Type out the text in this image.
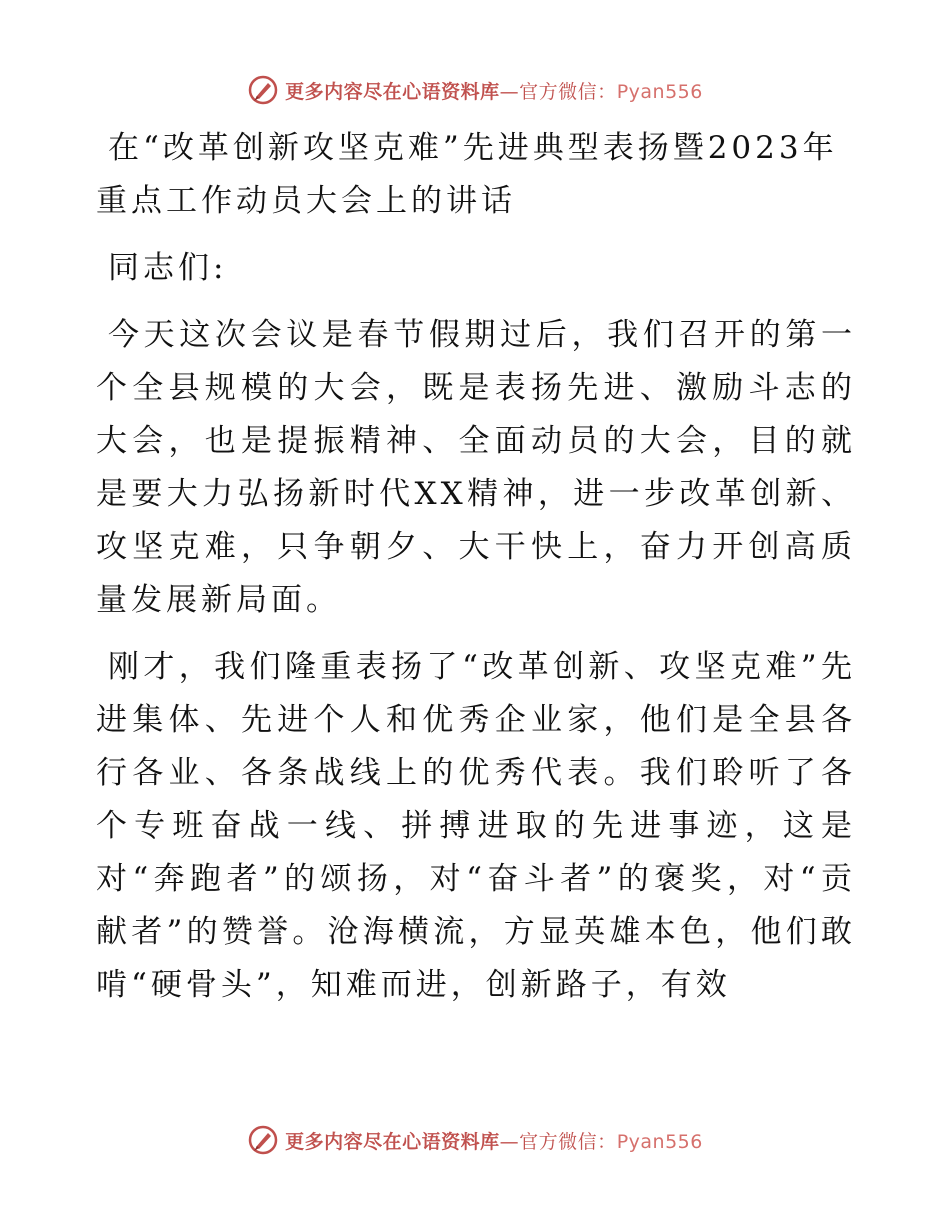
更多内容尽在心语资料库—官方微信：Pyan556
在“改革创新攻坚克难”先进典型表扬暨2023年重点工作动员大会上的讲话

同志们:

今天这次会议是春节假期过后，我们召开的第一个全县规模的大会，既是表扬先进、激励斗志的大会，也是提振精神、全面动员的大会，目的就是要大力弘扬新时代XX精神，进一步改革创新、攻坚克难，只争朝夕、大干快上，奋力开创高质量发展新局面。

刚才，我们隆重表扬了“改革创新、攻坚克难”先进集体、先进个人和优秀企业家，他们是全县各行各业、各条战线上的优秀代表。我们聆听了各个专班奋战一线、拼搏进取的先进事迹，这是对“奔跑者”的颂扬，对“奋斗者”的褒奖，对“贡献者”的赞誉。沧海横流，方显英雄本色，他们敢啃“硬骨头”，知难而进，创新路子，有效

更多内容尽在心语资料库—官方微信：Pyan556
